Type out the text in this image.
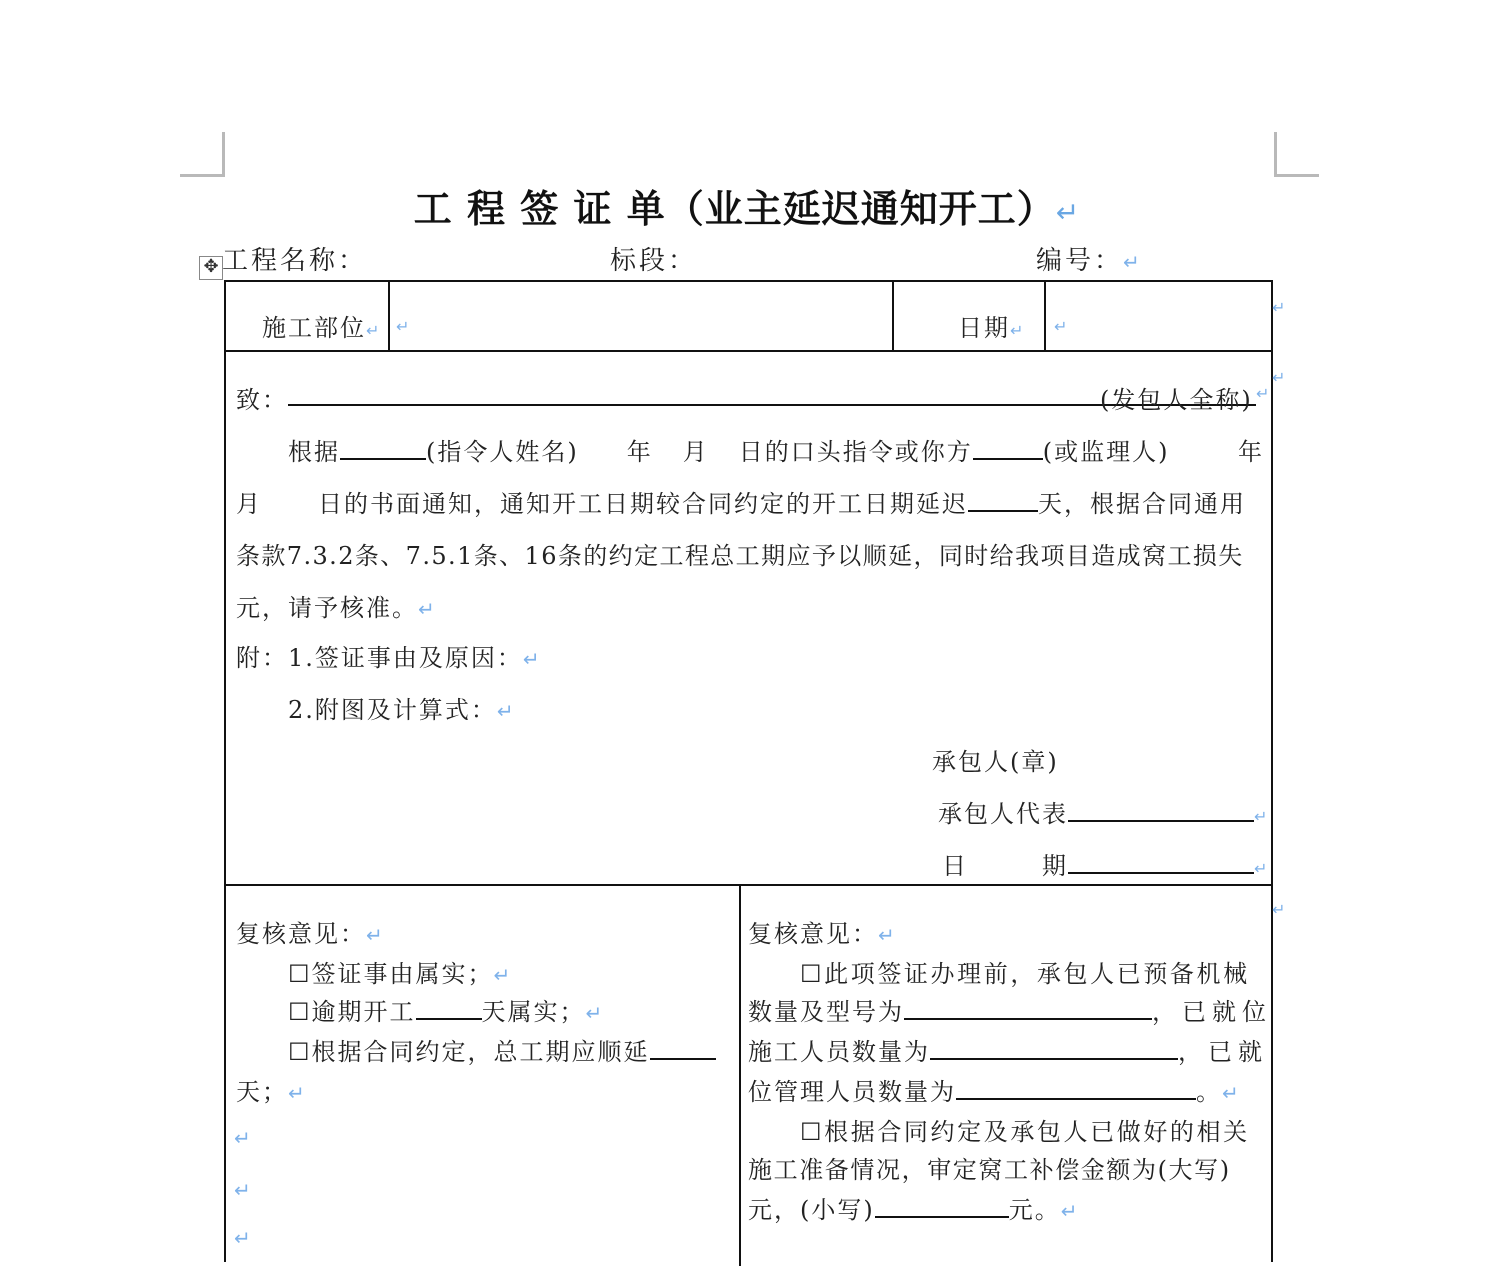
工 程 签 证 单（业主延迟通知开工）↵
✥ 工程名称：	标段：	编号：↵
施工部位↵ ↵	日期↵ ↵
↵
致：	(发包人全称)
↵
↵
根据	(指令人姓名) 年 月 日的口头指令或你方	(或监理人)	年
月 日的书面通知，通知开工日期较合同约定的开工日期延迟	天，根据合同通用
条款7.3.2条、7.5.1条、16条的约定工程总工期应予以顺延，同时给我项目造成窝工损失
元，请予核准。↵
附：1.签证事由及原因：↵
2.附图及计算式：↵
承包人(章)
承包人代表	↵
日	期	↵
↵
复核意见：↵
☐签证事由属实；↵
☐逾期开工	天属实；↵
☐根据合同约定，总工期应顺延
天；↵
↵
↵
↵
复核意见：↵
☐此项签证办理前，承包人已预备机械
数量及型号为	，已就位
施工人员数量为	，已就
位管理人员数量为	。↵
☐根据合同约定及承包人已做好的相关
施工准备情况，审定窝工补偿金额为(大写)
元，(小写)	元。↵
